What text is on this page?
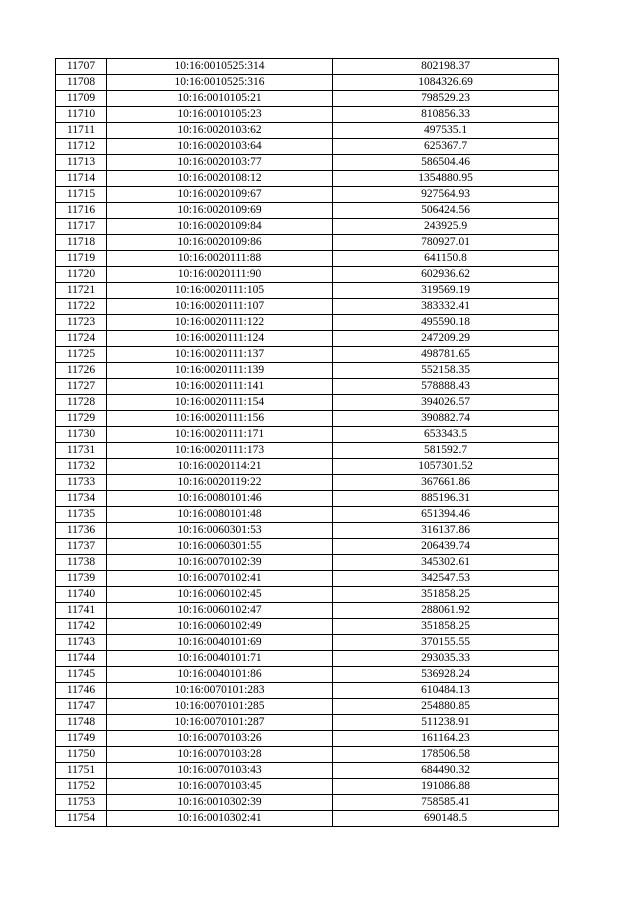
11707	10:16:0010525:314	802198.37
11708	10:16:0010525:316	1084326.69
11709	10:16:0010105:21	798529.23
11710	10:16:0010105:23	810856.33
11711	10:16:0020103:62	497535.1
11712	10:16:0020103:64	625367.7
11713	10:16:0020103:77	586504.46
11714	10:16:0020108:12	1354880.95
11715	10:16:0020109:67	927564.93
11716	10:16:0020109:69	506424.56
11717	10:16:0020109:84	243925.9
11718	10:16:0020109:86	780927.01
11719	10:16:0020111:88	641150.8
11720	10:16:0020111:90	602936.62
11721	10:16:0020111:105	319569.19
11722	10:16:0020111:107	383332.41
11723	10:16:0020111:122	495590.18
11724	10:16:0020111:124	247209.29
11725	10:16:0020111:137	498781.65
11726	10:16:0020111:139	552158.35
11727	10:16:0020111:141	578888.43
11728	10:16:0020111:154	394026.57
11729	10:16:0020111:156	390882.74
11730	10:16:0020111:171	653343.5
11731	10:16:0020111:173	581592.7
11732	10:16:0020114:21	1057301.52
11733	10:16:0020119:22	367661.86
11734	10:16:0080101:46	885196.31
11735	10:16:0080101:48	651394.46
11736	10:16:0060301:53	316137.86
11737	10:16:0060301:55	206439.74
11738	10:16:0070102:39	345302.61
11739	10:16:0070102:41	342547.53
11740	10:16:0060102:45	351858.25
11741	10:16:0060102:47	288061.92
11742	10:16:0060102:49	351858.25
11743	10:16:0040101:69	370155.55
11744	10:16:0040101:71	293035.33
11745	10:16:0040101:86	536928.24
11746	10:16:0070101:283	610484.13
11747	10:16:0070101:285	254880.85
11748	10:16:0070101:287	511238.91
11749	10:16:0070103:26	161164.23
11750	10:16:0070103:28	178506.58
11751	10:16:0070103:43	684490.32
11752	10:16:0070103:45	191086.88
11753	10:16:0010302:39	758585.41
11754	10:16:0010302:41	690148.5
